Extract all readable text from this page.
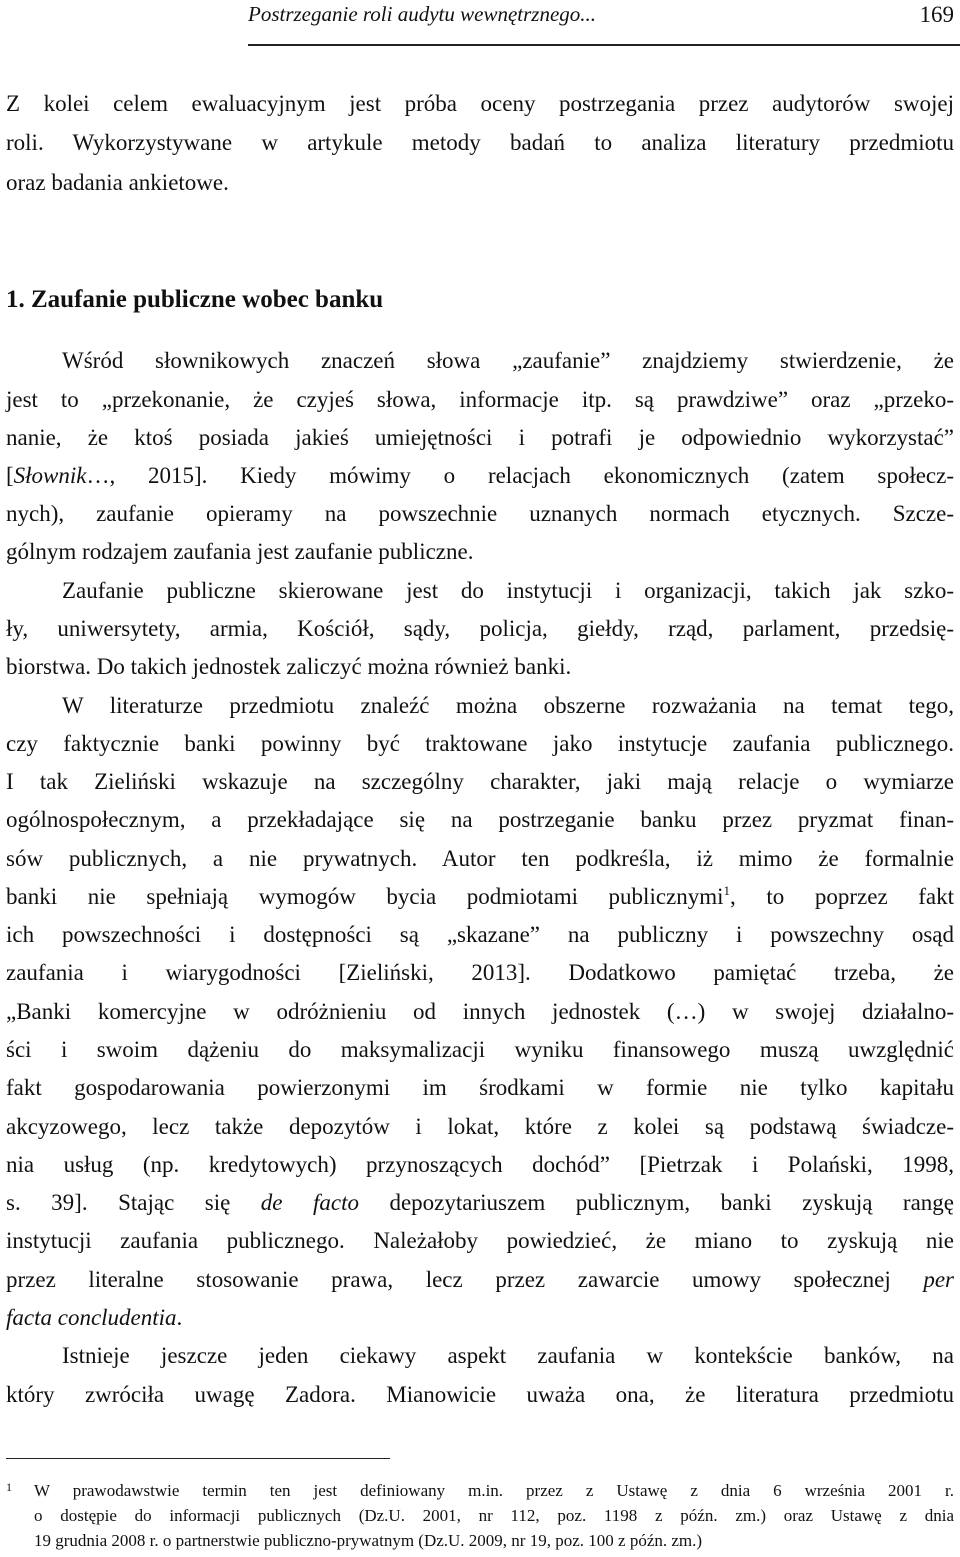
Postrzeganie roli audytu wewnętrznego...	169
Z kolei celem ewaluacyjnym jest próba oceny postrzegania przez audytorów swojej
roli. Wykorzystywane w artykule metody badań to analiza literatury przedmiotu
oraz badania ankietowe.
1. Zaufanie publiczne wobec banku
Wśród słownikowych znaczeń słowa „zaufanie” znajdziemy stwierdzenie, że
jest to „przekonanie, że czyjeś słowa, informacje itp. są prawdziwe” oraz „przeko-
nanie, że ktoś posiada jakieś umiejętności i potrafi je odpowiednio wykorzystać”
[Słownik…, 2015]. Kiedy mówimy o relacjach ekonomicznych (zatem społecz-
nych), zaufanie opieramy na powszechnie uznanych normach etycznych. Szcze-
gólnym rodzajem zaufania jest zaufanie publiczne.
Zaufanie publiczne skierowane jest do instytucji i organizacji, takich jak szko-
ły, uniwersytety, armia, Kościół, sądy, policja, giełdy, rząd, parlament, przedsię-
biorstwa. Do takich jednostek zaliczyć można również banki.
W literaturze przedmiotu znaleźć można obszerne rozważania na temat tego,
czy faktycznie banki powinny być traktowane jako instytucje zaufania publicznego.
I tak Zieliński wskazuje na szczególny charakter, jaki mają relacje o wymiarze
ogólnospołecznym, a przekładające się na postrzeganie banku przez pryzmat finan-
sów publicznych, a nie prywatnych. Autor ten podkreśla, iż mimo że formalnie
banki nie spełniają wymogów bycia podmiotami publicznymi$^1$, to poprzez fakt
ich powszechności i dostępności są „skazane” na publiczny i powszechny osąd
zaufania i wiarygodności [Zieliński, 2013]. Dodatkowo pamiętać trzeba, że
„Banki komercyjne w odróżnieniu od innych jednostek (…) w swojej działalno-
ści i swoim dążeniu do maksymalizacji wyniku finansowego muszą uwzględnić
fakt gospodarowania powierzonymi im środkami w formie nie tylko kapitału
akcyzowego, lecz także depozytów i lokat, które z kolei są podstawą świadcze-
nia usług (np. kredytowych) przynoszących dochód” [Pietrzak i Polański, 1998,
s. 39]. Stając się de facto depozytariuszem publicznym, banki zyskują rangę
instytucji zaufania publicznego. Należałoby powiedzieć, że miano to zyskują nie
przez literalne stosowanie prawa, lecz przez zawarcie umowy społecznej per
facta concludentia.
Istnieje jeszcze jeden ciekawy aspekt zaufania w kontekście banków, na
który zwróciła uwagę Zadora. Mianowicie uważa ona, że literatura przedmiotu
1 W prawodawstwie termin ten jest definiowany m.in. przez z Ustawę z dnia 6 września 2001 r.
o dostępie do informacji publicznych (Dz.U. 2001, nr 112, poz. 1198 z późn. zm.) oraz Ustawę z dnia
19 grudnia 2008 r. o partnerstwie publiczno-prywatnym (Dz.U. 2009, nr 19, poz. 100 z późn. zm.)
